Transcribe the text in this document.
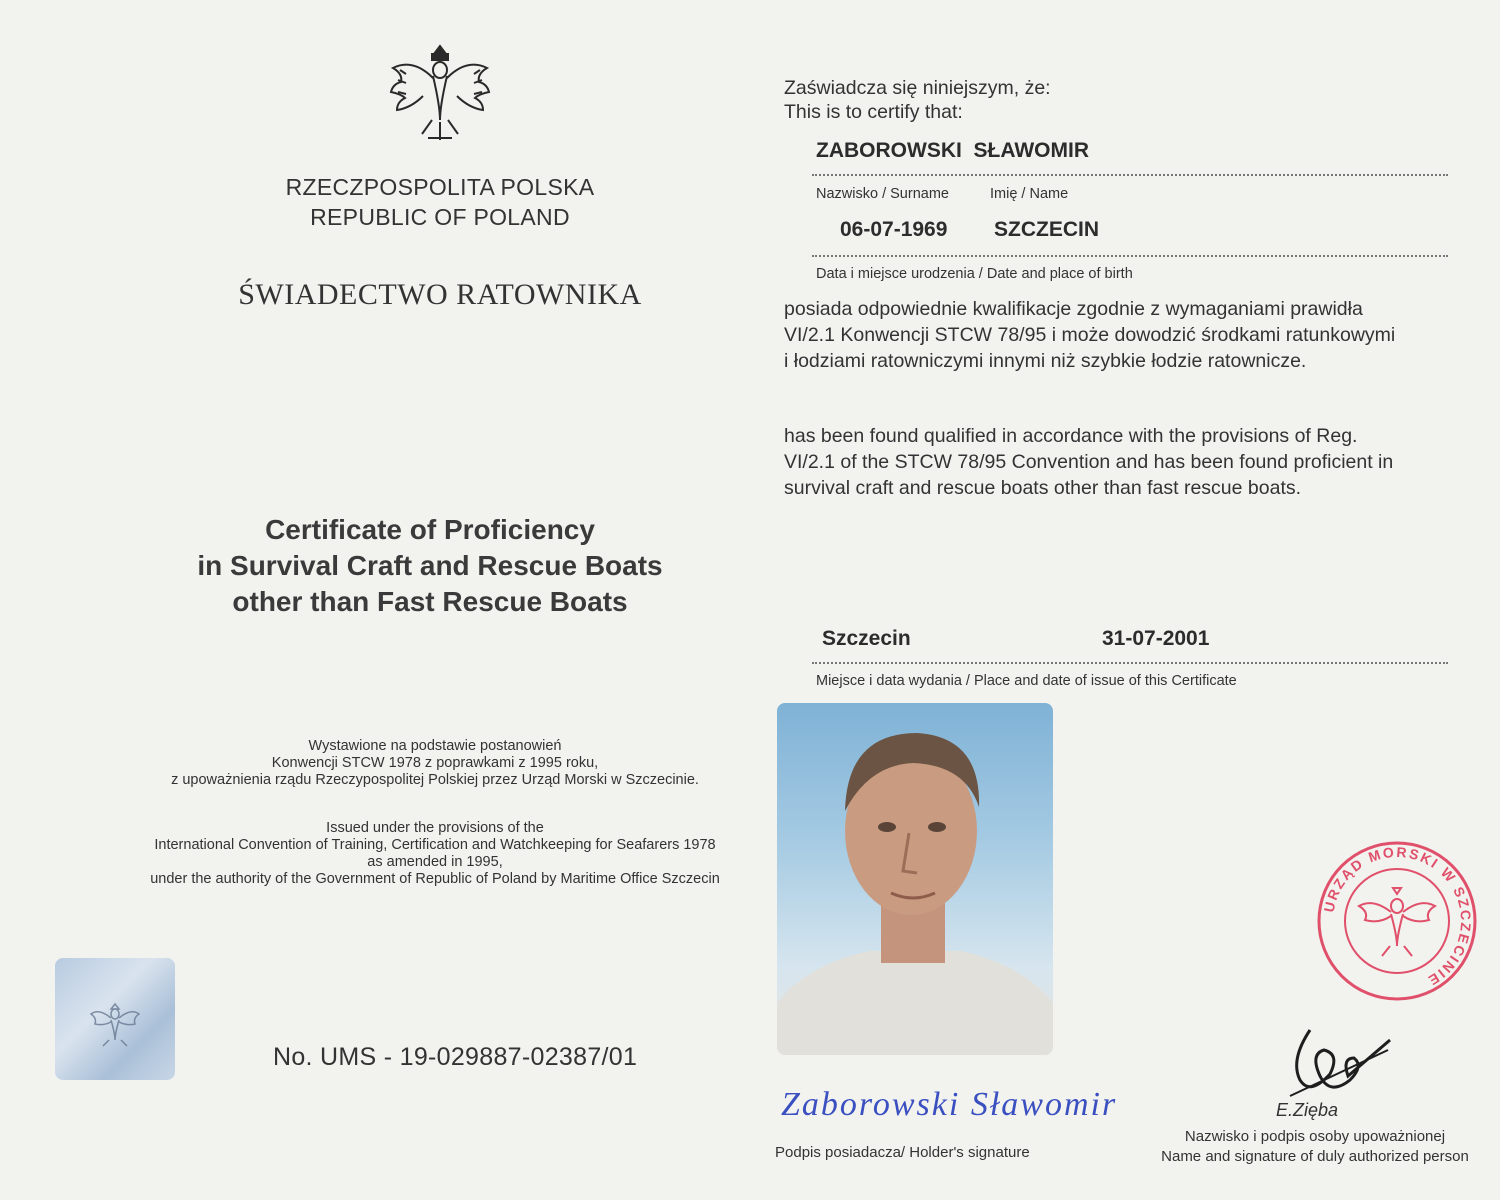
RZECZPOSPOLITA POLSKA
REPUBLIC OF POLAND
ŚWIADECTWO RATOWNIKA
Certificate of Proficiency
in Survival Craft and Rescue Boats
other than Fast Rescue Boats
Wystawione na podstawie postanowień
Konwencji STCW 1978 z poprawkami z 1995 roku,
z upoważnienia rządu Rzeczypospolitej Polskiej przez Urząd Morski w Szczecinie.
Issued under the provisions of the
International Convention of Training, Certification and Watchkeeping for Seafarers 1978
as amended in 1995,
under the authority of the Government of Republic of Poland by Maritime Office Szczecin
No. UMS - 19-029887-02387/01
Zaświadcza się niniejszym, że:
This is to certify that:
ZABOROWSKI  SŁAWOMIR
Nazwisko / Surname	Imię / Name
06-07-1969 SZCZECIN
Data i miejsce urodzenia / Date and place of birth
posiada odpowiednie kwalifikacje zgodnie z wymaganiami prawidła
VI/2.1 Konwencji STCW 78/95 i może dowodzić środkami ratunkowymi
i łodziami ratowniczymi innymi niż szybkie łodzie ratownicze.
has been found qualified in accordance with the provisions of Reg.
VI/2.1 of the STCW 78/95 Convention and has been found proficient in
survival craft and rescue boats other than fast rescue boats.
Szczecin	31-07-2001
Miejsce i data wydania / Place and date of issue of this Certificate
URZĄD MORSKI W SZCZECINIE
E.Zięba
Nazwisko i podpis osoby upoważnionej
Name and signature of duly authorized person
Zaborowski Sławomir
Podpis posiadacza/ Holder's signature
